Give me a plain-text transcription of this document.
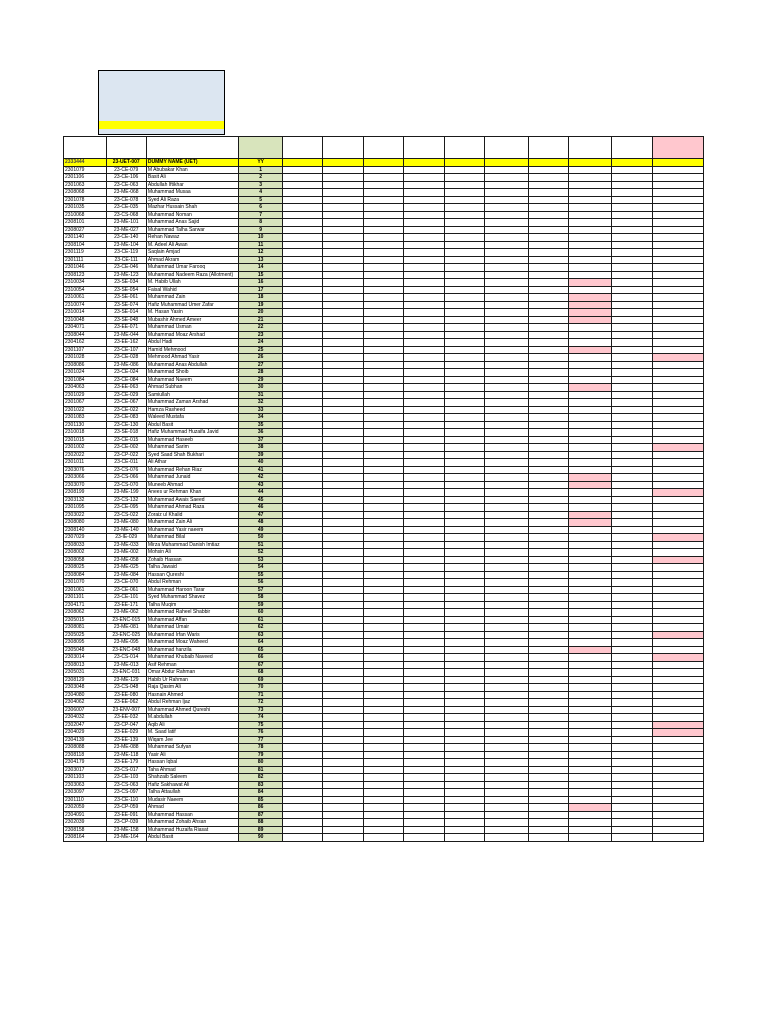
2333444	23-UET-007	DUMMY NAME (UET)	YY										
2301079	23-CE-079	M Abubakar Khan	1										
2301106	23-CE-106	Basit Ali	2										
2301063	23-CE-063	Abdullah Iftikhar	3										
2308068	23-ME-068	Muhammad Musaa	4										
2301078	23-CE-078	Syed Ali Raza	5										
2301035	23-CE-035	Mazhar Hussain Shah	6										
2310068	23-CS-068	Muhammad Noman	7										
2308101	23-ME-101	Muhammad Anas Sajid	8										
2308027	23-ME-027	Muhammad Talha Sarwar	9										
2301140	23-CE-140	Rehan Nawaz	10										
2308104	23-ME-104	M. Adeel Ali Awan	11										
2301119	23-CE-119	Saqlain Amjad	12										
2301111	23-CE-111	Ahmad Akram	13										
2301046	23-CE-046	Muhammad Umar Farooq	14										
2308123	23-ME-123	Muhammad Nadeem Raza (Allotment)	15										
2310034	23-SE-034	M. Habib Ullah	16										
2310054	23-SE-054	Faisal Wahid	17										
2310061	23-SE-061	Muhammad Zain	18										
2310074	23-SE-074	Hafiz Muhammad Umer Zafar	19										
2310014	23-SE-014	M. Hasan Yasin	20										
2310048	23-SE-048	Mubashir Ahmed Ameer	21										
2304071	23-EE-071	Muhammad Usman	22										
2308044	23-ME-044	Muhammad Moaz Arshad	23										
2304162	23-EE-162	Abdul Hadi	24										
2301107	23-CE-107	Hamid Mehmood	25										
2301028	23-CE-028	Mehmood Ahmad Yasir	26										
2308086	23-ME-086	Muhammad Anas Abdullah	27										
2301024	23-CE-024	Muhammad Shoib	28										
2301084	23-CE-084	Muhammad Naeem	29										
2304063	23-EE-063	Ahmad Subhan	30										
2301029	23-CE-029	Samiullah	31										
2301067	23-CE-067	Muhammad Zaman Arshad	32										
2301022	23-CE-022	Hamza Rasheed	33										
2301083	23-CE-083	Waleed Mustafa	34										
2301130	23-CE-130	Abdul Basit	35										
2310018	23-SE-018	Hafiz Muhammad Huzaifa Javid	36										
2301015	23-CE-015	Muhammad Haseeb	37										
2301002	23-CE-002	Muhammad Sarim	38										
2302022	23-CP-022	Syed Saad Shah Bukhari	39										
2301011	23-CE-011	Ali Athar	40										
2303076	23-CS-076	Muhammad Rehan Riaz	41										
2303066	23-CS-066	Muhammad Junaid	42										
2303070	23-CS-070	Muneeb Ahmad	43										
2308199	23-ME-199	Anees ur Rehman Khan	44										
2303132	23-CS-132	Muhammad Awais Saeed	45										
2301095	23-CE-095	Muhammad Ahmad Raza	46										
2303022	23-CS-022	Zoraiz ul Khalid	47										
2308080	23-ME-080	Muhammad Zain Ali	48										
2308140	23-ME-140	Muhammad Yasir naeem	49										
2307029	23-IE-029	Muhammad Bilal	50										
2308033	23-ME-033	Mirza Muhammad Danish Imtiaz	51										
2308002	23-ME-002	Mohsin Ali	52										
2308058	23-ME-058	Zohaib Hassan	53										
2308025	23-ME-025	Talha Jawaid	54										
2308084	23-ME-084	Hassan Qureshi	55										
2301070	23-CE-070	Abdul Rehman	56										
2301061	23-CE-061	Muhammad Haroon Tarar	57										
2301101	23-CE-101	Syed Muhammad Shavez	58										
2304171	23-EE-171	Talha Muqim	59										
2308062	23-ME-062	Muhammad Raheel Shabbir	60										
2305015	23-ENC-015	Muhammad Affan	61										
2308081	23-ME-081	Muhammad Umair	62										
2305025	23-ENC-025	Muhammad Irfan Waris	63										
2308095	23-ME-095	Muhammad Moaz Waheed	64										
2305048	23-ENC-048	Muhammad hanzila	65										
2303014	23-CS-014	Muhammad Khubaib Naveed	66										
2308013	23-ME-013	Asif Rehman	67										
2305031	23-ENC-031	Omar Abdur Rahman	68										
2308129	23-ME-129	Habib Ur Rahman	69										
2303048	23-CS-048	Raja Qasim Ali	70										
2304080	23-EE-080	Hasnain Ahmed	71										
2304062	23-EE-062	Abdul Rehman Ijaz	72										
2306007	23-ENV-007	Muhammad Ahmed Qureshi	73										
2304032	23-EE-032	M.abdullah	74										
2302047	23-CP-047	Aqib Ali	75										
2304029	23-EE-029	M. Saad latif	76										
2304139	23-EE-139	Wiqam Jee	77										
2308088	23-ME-088	Muhammad Sufyan	78										
2308118	23-ME-118	Yasir Ali	79										
2304179	23-EE-179	Hassan Iqbal	80										
2303017	23-CS-017	Taha Ahmad	81										
2301103	23-CE-103	Shahzaib Saleem	82										
2303063	23-CS-063	Hafiz Sakhawat Ali	83										
2303097	23-CS-097	Talha Attaullah	84										
2301110	23-CE-110	Mudasir Naeem	85										
2302059	23-CP-059	Ahmad	86										
2304091	23-EE-091	Muhammad Hassan	87										
2302039	23-CP-039	Muhammad Zohaib Ahsan	88										
2308158	23-ME-158	Muhammad Huzaifa Riasat	89										
2308164	23-ME-164	Abdul Basit	90										
